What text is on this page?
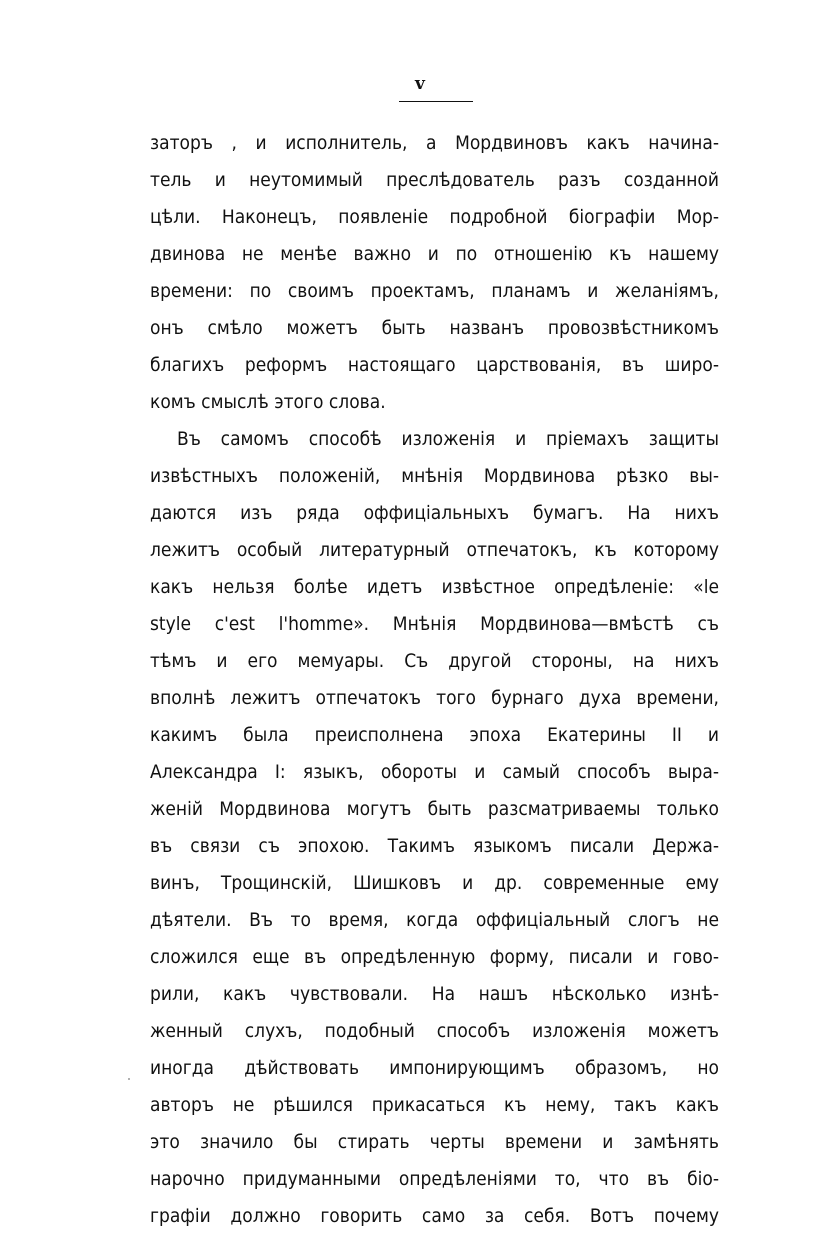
v
заторъ , и исполнитель, а Мордвиновъ какъ начина-
тель и неутомимый преслѣдователь разъ созданной
цѣли. Наконецъ, появленіе подробной біографіи Мор-
двинова не менѣе важно и по отношенію къ нашему
времени: по своимъ проектамъ, планамъ и желаніямъ,
онъ смѣло можетъ быть названъ провозвѣстникомъ
благихъ реформъ настоящаго царствованія, въ широ-
комъ смыслѣ этого слова.
Въ самомъ способѣ изложенія и пріемахъ защиты
извѣстныхъ положеній, мнѣнія Мордвинова рѣзко вы-
даются изъ ряда оффиціальныхъ бумагъ. На нихъ
лежитъ особый литературный отпечатокъ, къ которому
какъ нельзя болѣе идетъ извѣстное опредѣленіе: «le
style c'est l'homme». Мнѣнія Мордвинова—вмѣстѣ съ
тѣмъ и его мемуары. Съ другой стороны, на нихъ
вполнѣ лежитъ отпечатокъ того бурнаго духа времени,
какимъ была преисполнена эпоха Екатерины II и
Александра I: языкъ, обороты и самый способъ выра-
женій Мордвинова могутъ быть разсматриваемы только
въ связи съ эпохою. Такимъ языкомъ писали Держа-
винъ, Трощинскій, Шишковъ и др. современные ему
дѣятели. Въ то время, когда оффиціальный слогъ не
сложился еще въ опредѣленную форму, писали и гово-
рили, какъ чувствовали. На нашъ нѣсколько изнѣ-
женный слухъ, подобный способъ изложенія можетъ
иногда дѣйствовать импонирующимъ образомъ, но
авторъ не рѣшился прикасаться къ нему, такъ какъ
это значило бы стирать черты времени и замѣнять
нарочно придуманными опредѣленіями то, что въ біо-
графіи должно говорить само за себя. Вотъ почему
